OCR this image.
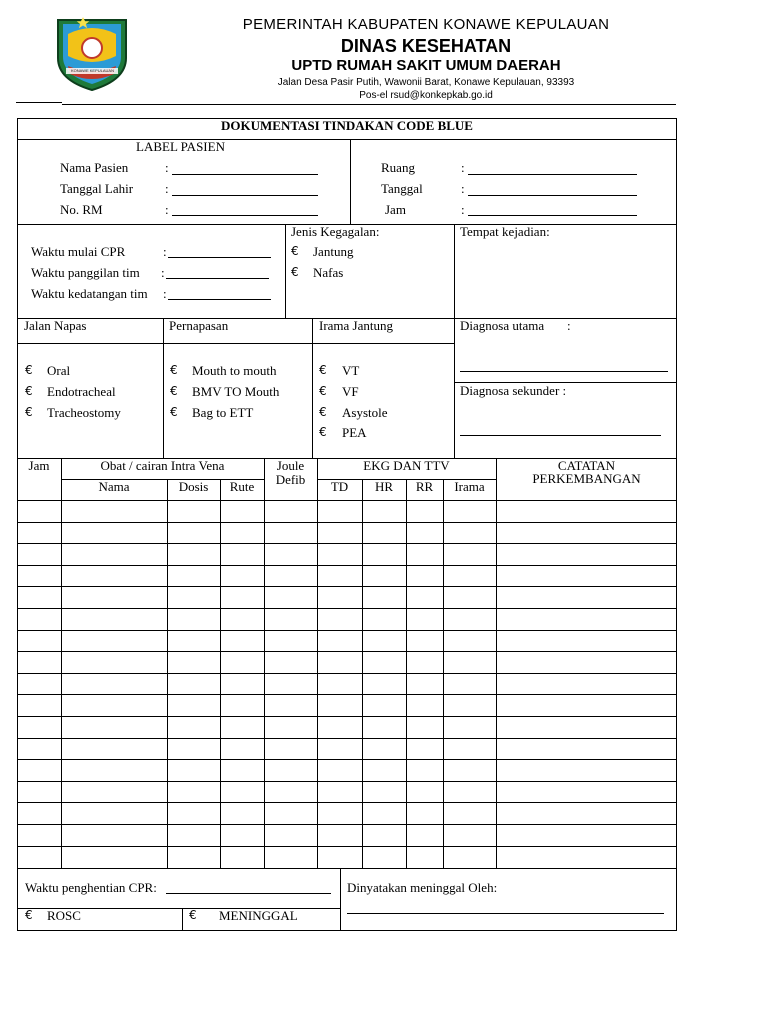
KONAWE KEPULAUAN
PEMERINTAH KABUPATEN KONAWE KEPULAUAN
DINAS KESEHATAN
UPTD RUMAH SAKIT UMUM DAERAH
Jalan Desa Pasir Putih, Wawonii Barat, Konawe Kepulauan, 93393
Pos-el rsud@konkepkab.go.id
DOKUMENTASI TINDAKAN CODE BLUE
LABEL PASIEN
Nama Pasien	:
Tanggal Lahir :
No. RM	:
Ruang	:
Tanggal	:
Jam	:
Waktu mulai CPR	:
Waktu panggilan tim :
Waktu kedatangan tim :
Jenis Kegagalan:
€ Jantung
€ Nafas
Tempat kejadian:
Jalan Napas	Pernapasan	Irama Jantung	Diagnosa utama :
Diagnosa sekunder :
€ Oral
€ Endotracheal
€ Tracheostomy
€ Mouth to mouth
€ BMV TO Mouth
€ Bag to ETT
€ VT
€ VF
€ Asystole
€ PEA
Jam	Obat / cairan Intra Vena
Nama	Dosis	Rute
Joule
Defib
EKG DAN TTV
TD	HR	RR	Irama
CATATAN
PERKEMBANGAN
Waktu penghentian CPR:	Dinyatakan meninggal Oleh:
€ ROSC	€ MENINGGAL
